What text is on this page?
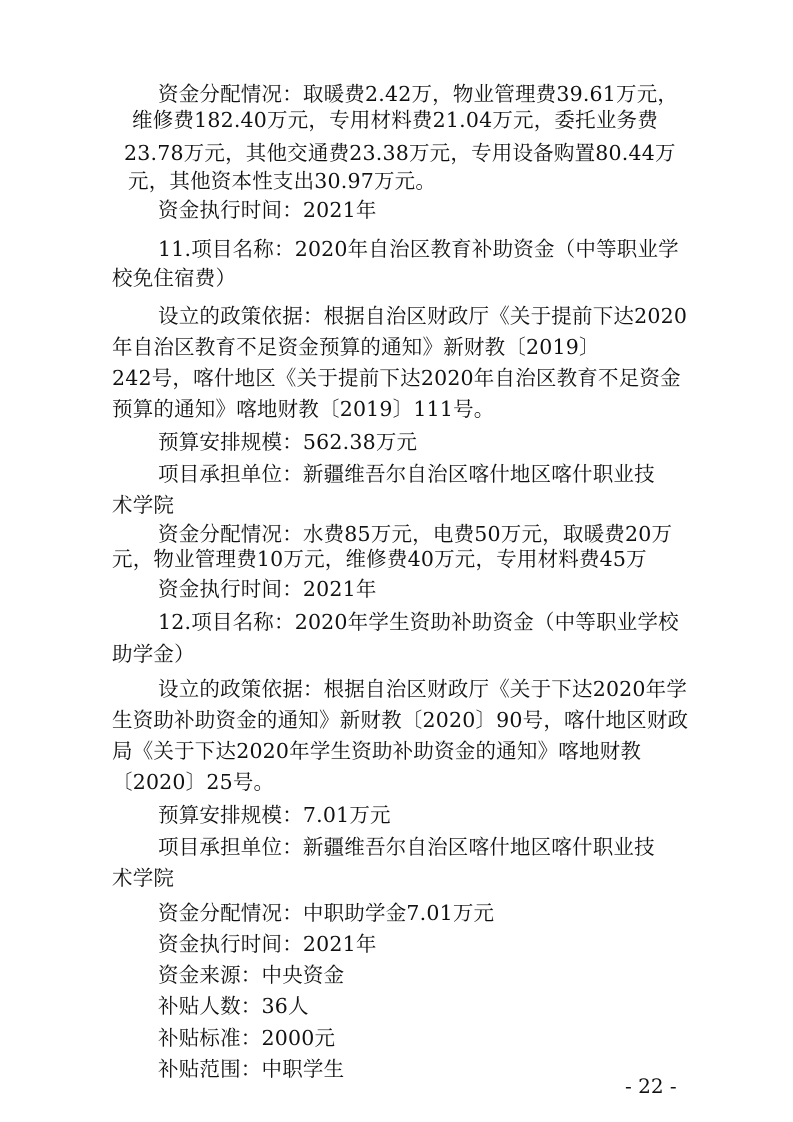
资金分配情况：取暖费2.42万，物业管理费39.61万元，
维修费182.40万元，专用材料费21.04万元，委托业务费
23.78万元，其他交通费23.38万元，专用设备购置80.44万
元，其他资本性支出30.97万元。
资金执行时间：2021年
11.项目名称：2020年自治区教育补助资金（中等职业学
校免住宿费）
设立的政策依据：根据自治区财政厅《关于提前下达2020
年自治区教育不足资金预算的通知》新财教〔2019〕
242号，喀什地区《关于提前下达2020年自治区教育不足资金
预算的通知》喀地财教〔2019〕111号。
预算安排规模：562.38万元
项目承担单位：新疆维吾尔自治区喀什地区喀什职业技
术学院
资金分配情况：水费85万元，电费50万元，取暖费20万
元，物业管理费10万元，维修费40万元，专用材料费45万
资金执行时间：2021年
12.项目名称：2020年学生资助补助资金（中等职业学校
助学金）
设立的政策依据：根据自治区财政厅《关于下达2020年学
生资助补助资金的通知》新财教〔2020〕90号，喀什地区财政
局《关于下达2020年学生资助补助资金的通知》喀地财教
〔2020〕25号。
预算安排规模：7.01万元
项目承担单位：新疆维吾尔自治区喀什地区喀什职业技
术学院
资金分配情况：中职助学金7.01万元
资金执行时间：2021年
资金来源：中央资金
补贴人数：36人
补贴标准：2000元
补贴范围：中职学生
- 22 -
